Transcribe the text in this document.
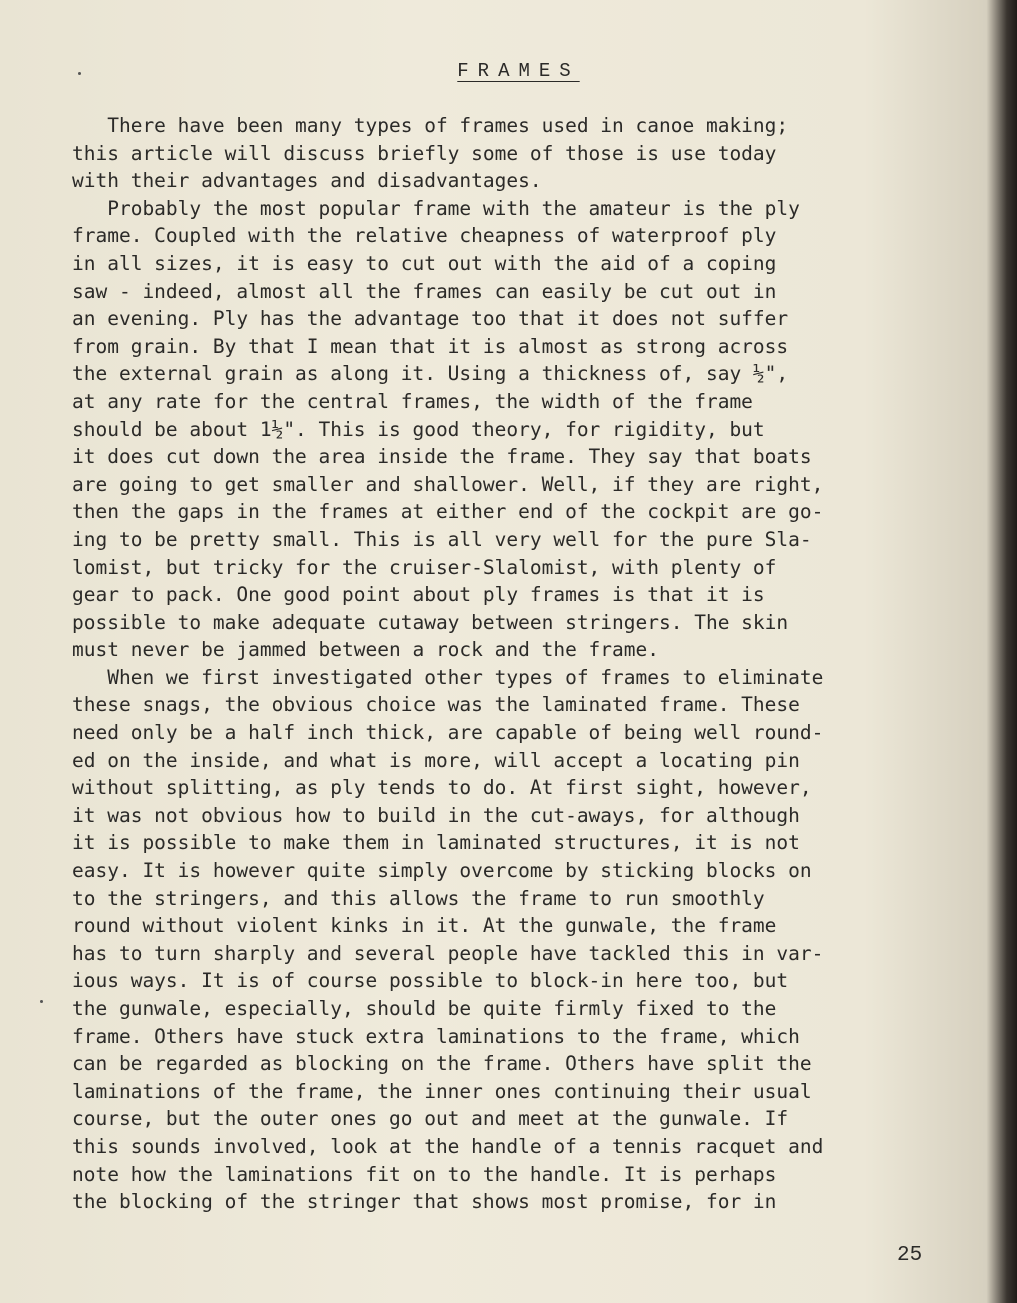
FRAMES
There have been many types of frames used in canoe making;
this article will discuss briefly some of those is use today
with their advantages and disadvantages.
Probably the most popular frame with the amateur is the ply
frame. Coupled with the relative cheapness of waterproof ply
in all sizes, it is easy to cut out with the aid of a coping
saw - indeed, almost all the frames can easily be cut out in
an evening. Ply has the advantage too that it does not suffer
from grain. By that I mean that it is almost as strong across
the external grain as along it. Using a thickness of, say ½",
at any rate for the central frames, the width of the frame
should be about 1½". This is good theory, for rigidity, but
it does cut down the area inside the frame. They say that boats
are going to get smaller and shallower. Well, if they are right,
then the gaps in the frames at either end of the cockpit are go-
ing to be pretty small. This is all very well for the pure Sla-
lomist, but tricky for the cruiser-Slalomist, with plenty of
gear to pack. One good point about ply frames is that it is
possible to make adequate cutaway between stringers. The skin
must never be jammed between a rock and the frame.
When we first investigated other types of frames to eliminate
these snags, the obvious choice was the laminated frame. These
need only be a half inch thick, are capable of being well round-
ed on the inside, and what is more, will accept a locating pin
without splitting, as ply tends to do. At first sight, however,
it was not obvious how to build in the cut-aways, for although
it is possible to make them in laminated structures, it is not
easy. It is however quite simply overcome by sticking blocks on
to the stringers, and this allows the frame to run smoothly
round without violent kinks in it. At the gunwale, the frame
has to turn sharply and several people have tackled this in var-
ious ways. It is of course possible to block-in here too, but
the gunwale, especially, should be quite firmly fixed to the
frame. Others have stuck extra laminations to the frame, which
can be regarded as blocking on the frame. Others have split the
laminations of the frame, the inner ones continuing their usual
course, but the outer ones go out and meet at the gunwale. If
this sounds involved, look at the handle of a tennis racquet and
note how the laminations fit on to the handle. It is perhaps
the blocking of the stringer that shows most promise, for in
25
